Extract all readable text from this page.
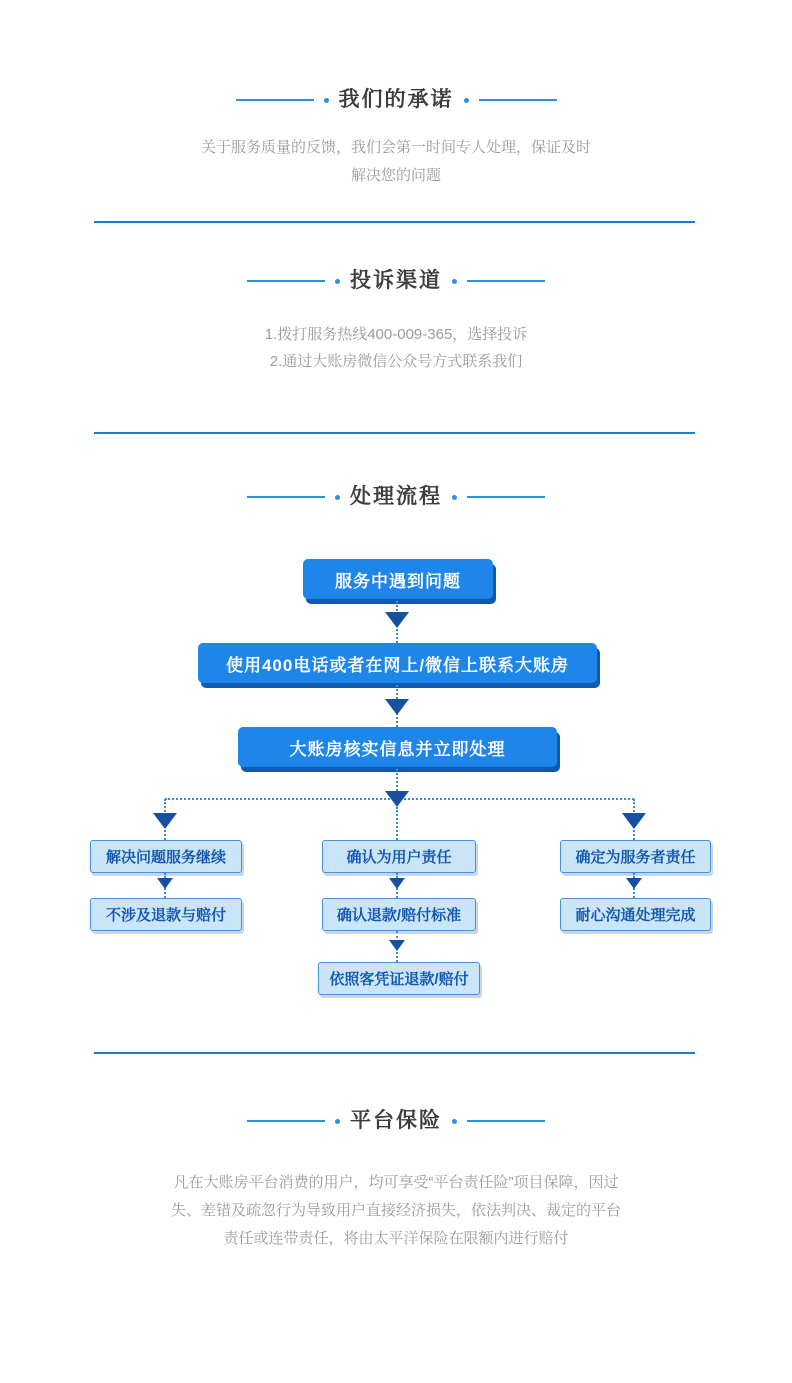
我们的承诺
关于服务质量的反馈，我们会第一时间专人处理，保证及时解决您的问题
投诉渠道
1.拨打服务热线400-009-365，选择投诉
2.通过大账房微信公众号方式联系我们
处理流程
服务中遇到问题
使用400电话或者在网上/微信上联系大账房
大账房核实信息并立即处理
解决问题服务继续	确认为用户责任	确定为服务者责任
不涉及退款与赔付	确认退款/赔付标准	耐心沟通处理完成
依照客凭证退款/赔付
平台保险
凡在大账房平台消费的用户，均可享受“平台责任险”项目保障，因过失、差错及疏忽行为导致用户直接经济损失，依法判决、裁定的平台责任或连带责任，将由太平洋保险在限额内进行赔付
